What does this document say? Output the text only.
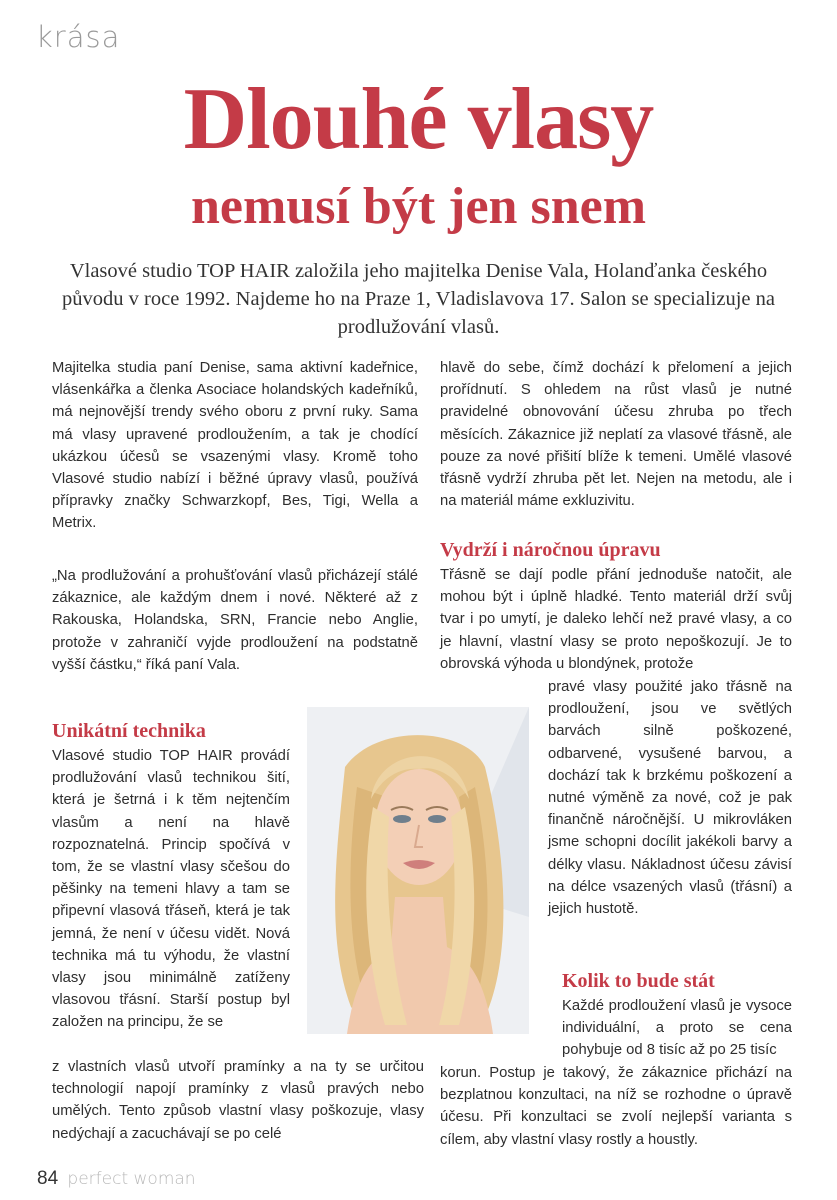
krása
Dlouhé vlasy
nemusí být jen snem

Vlasové studio TOP HAIR založila jeho majitelka Denise Vala, Holanďanka českého původu v roce 1992. Najdeme ho na Praze 1, Vladislavova 17. Salon se specializuje na prodlužování vlasů.

Majitelka studia paní Denise, sama aktivní kadeřnice, vlásenkářka a členka Asociace holandských kadeřníků, má nejnovější trendy svého oboru z první ruky. Sama má vlasy upravené prodloužením, a tak je chodící ukázkou účesů se vsazenými vlasy. Kromě toho Vlasové studio nabízí i běžné úpravy vlasů, používá přípravky značky Schwarzkopf, Bes, Tigi, Wella a Metrix.

„Na prodlužování a prohušťování vlasů přicházejí stálé zákaznice, ale každým dnem i nové. Některé až z Rakouska, Holandska, SRN, Francie nebo Anglie, protože v zahraničí vyjde prodloužení na podstatně vyšší částku,“ říká paní Vala.

Unikátní technika

Vlasové studio TOP HAIR provádí prodlužování vlasů technikou šití, která je šetrná i k těm nejtenčím vlasům a není na hlavě rozpoznatelná. Princip spočívá v tom, že se vlastní vlasy sčešou do pěšinky na temeni hlavy a tam se připevní vlasová třáseň, která je tak jemná, že není v účesu vidět. Nová technika má tu výhodu, že vlastní vlasy jsou minimálně zatíženy vlasovou třásní. Starší postup byl založen na principu, že se

z vlastních vlasů utvoří pramínky a na ty se určitou technologií napojí pramínky z vlasů pravých nebo umělých. Tento způsob vlastní vlasy poškozuje, vlasy nedýchají a zacuchávají se po celé

hlavě do sebe, čímž dochází k přelomení a jejich prořídnutí. S ohledem na růst vlasů je nutné pravidelné obnovování účesu zhruba po třech měsících. Zákaznice již neplatí za vlasové třásně, ale pouze za nové přišití blíže k temeni. Umělé vlasové třásně vydrží zhruba pět let. Nejen na metodu, ale i na materiál máme exkluzivitu.

Vydrží i náročnou úpravu

Třásně se dají podle přání jednoduše natočit, ale mohou být i úplně hladké. Tento materiál drží svůj tvar i po umytí, je daleko lehčí než pravé vlasy, a co je hlavní, vlastní vlasy se proto nepoškozují. Je to obrovská výhoda u blondýnek, protože

pravé vlasy použité jako třásně na prodloužení, jsou ve světlých barvách silně poškozené, odbarvené, vysušené barvou, a dochází tak k brzkému poškození a nutné výměně za nové, což je pak finančně náročnější. U mikrovláken jsme schopni docílit jakékoli barvy a délky vlasu. Nákladnost účesu závisí na délce vsazených vlasů (třásní) a jejich hustotě.

Kolik to bude stát

Každé prodloužení vlasů je vysoce individuální, a proto se cena pohybuje od 8 tisíc až po 25 tisíc

korun. Postup je takový, že zákaznice přichází na bezplatnou konzultaci, na níž se rozhodne o úpravě účesu. Při konzultaci se zvolí nejlepší varianta s cílem, aby vlastní vlasy rostly a houstly.

84 perfect woman
